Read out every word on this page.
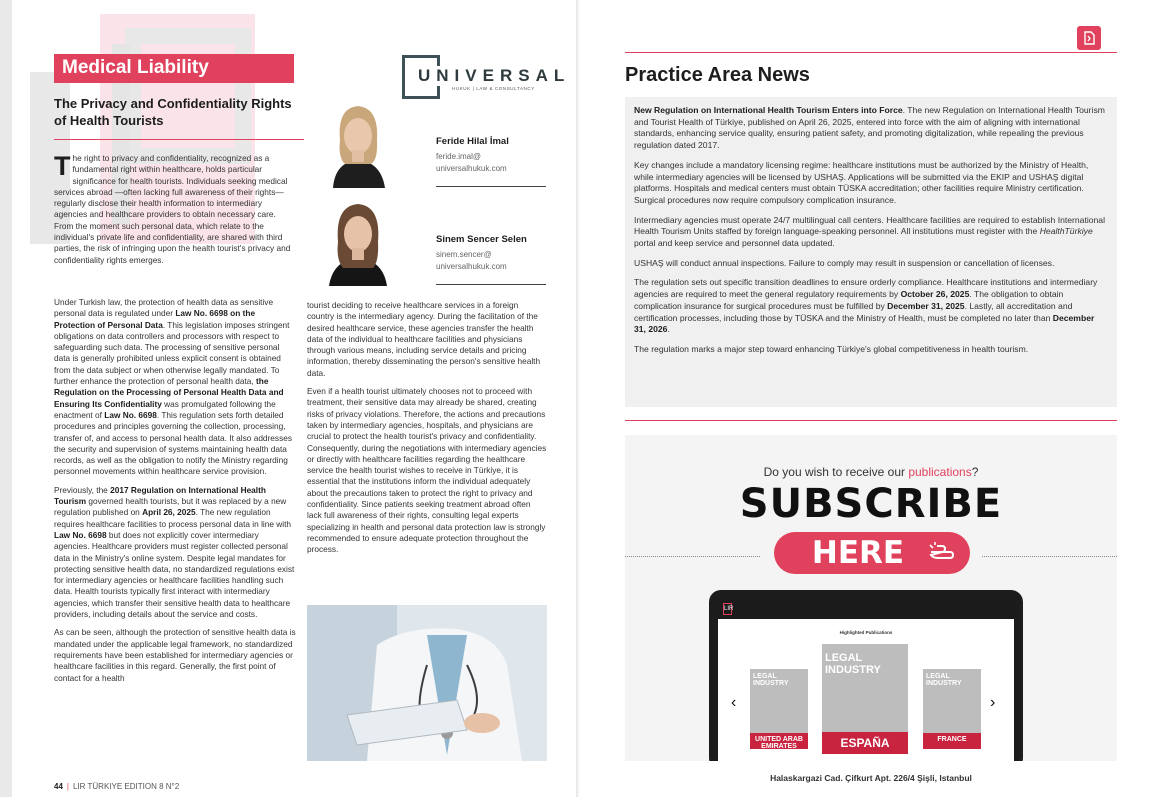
Medical Liability
The Privacy and Confidentiality Rights of Health Tourists
The right to privacy and confidentiality, recognized as a fundamental right within healthcare, holds particular significance for health tourists. Individuals seeking medical services abroad —often lacking full awareness of their rights— regularly disclose their health information to intermediary agencies and healthcare providers to obtain necessary care. From the moment such personal data, which relate to the individual's private life and confidentiality, are shared with third parties, the risk of infringing upon the health tourist's privacy and confidentiality rights emerges.

Under Turkish law, the protection of health data as sensitive personal data is regulated under Law No. 6698 on the Protection of Personal Data. This legislation imposes stringent obligations on data controllers and processors with respect to safeguarding such data. The processing of sensitive personal data is generally prohibited unless explicit consent is obtained from the data subject or when otherwise legally mandated. To further enhance the protection of personal health data, the Regulation on the Processing of Personal Health Data and Ensuring Its Confidentiality was promulgated following the enactment of Law No. 6698. This regulation sets forth detailed procedures and principles governing the collection, processing, transfer of, and access to personal health data. It also addresses the security and supervision of systems maintaining health data records, as well as the obligation to notify the Ministry regarding personnel movements within healthcare service provision.

Previously, the 2017 Regulation on International Health Tourism governed health tourists, but it was replaced by a new regulation published on April 26, 2025. The new regulation requires healthcare facilities to process personal data in line with Law No. 6698 but does not explicitly cover intermediary agencies. Healthcare providers must register collected personal data in the Ministry's online system. Despite legal mandates for protecting sensitive health data, no standardized regulations exist for intermediary agencies or healthcare facilities handling such data. Health tourists typically first interact with intermediary agencies, which transfer their sensitive health data to healthcare providers, including details about the service and costs.

As can be seen, although the protection of sensitive health data is mandated under the applicable legal framework, no standardized requirements have been established for intermediary agencies or healthcare facilities in this regard. Generally, the first point of contact for a health

tourist deciding to receive healthcare services in a foreign country is the intermediary agency. During the facilitation of the desired healthcare service, these agencies transfer the health data of the individual to healthcare facilities and physicians through various means, including service details and pricing information, thereby disseminating the person's sensitive health data.

Even if a health tourist ultimately chooses not to proceed with treatment, their sensitive data may already be shared, creating risks of privacy violations. Therefore, the actions and precautions taken by intermediary agencies, hospitals, and physicians are crucial to protect the health tourist's privacy and confidentiality. Consequently, during the negotiations with intermediary agencies or directly with healthcare facilities regarding the healthcare service the health tourist wishes to receive in Türkiye, it is essential that the institutions inform the individual adequately about the precautions taken to protect the right to privacy and confidentiality. Since patients seeking treatment abroad often lack full awareness of their rights, consulting legal experts specializing in health and personal data protection law is strongly recommended to ensure adequate protection throughout the process.

UNIVERSAL
HUKUK | LAW & CONSULTANCY
Feride Hilal İmal
feride.imal@
universalhukuk.com
Sinem Sencer Selen
sinem.sencer@
universalhukuk.com
44 | LIR TÜRKIYE EDITION 8 N°2
Practice Area News

New Regulation on International Health Tourism Enters into Force. The new Regulation on International Health Tourism and Tourist Health of Türkiye, published on April 26, 2025, entered into force with the aim of aligning with international standards, enhancing service quality, ensuring patient safety, and promoting digitalization, while repealing the previous regulation dated 2017.

Key changes include a mandatory licensing regime: healthcare institutions must be authorized by the Ministry of Health, while intermediary agencies will be licensed by USHAŞ. Applications will be submitted via the EKIP and USHAŞ digital platforms. Hospitals and medical centers must obtain TÜSKA accreditation; other facilities require Ministry certification. Surgical procedures now require compulsory complication insurance.

Intermediary agencies must operate 24/7 multilingual call centers. Healthcare facilities are required to establish International Health Tourism Units staffed by foreign language-speaking personnel. All institutions must register with the HealthTürkiye portal and keep service and personnel data updated.

USHAŞ will conduct annual inspections. Failure to comply may result in suspension or cancellation of licenses.

The regulation sets out specific transition deadlines to ensure orderly compliance. Healthcare institutions and intermediary agencies are required to meet the general regulatory requirements by October 26, 2025. The obligation to obtain complication insurance for surgical procedures must be fulfilled by December 31, 2025. Lastly, all accreditation and certification processes, including those by TÜSKA and the Ministry of Health, must be completed no later than December 31, 2026.

The regulation marks a major step toward enhancing Türkiye's global competitiveness in health tourism.

Do you wish to receive our publications?
SUBSCRIBE
HERE
LIR
Highlighted Publications
‹
LEGAL INDUSTRY
UNITED ARAB EMIRATES
LEGAL INDUSTRY
ESPAÑA
LEGAL INDUSTRY
FRANCE
›
Halaskargazi Cad. Çifkurt Apt. 226/4 Şişli, Istanbul
